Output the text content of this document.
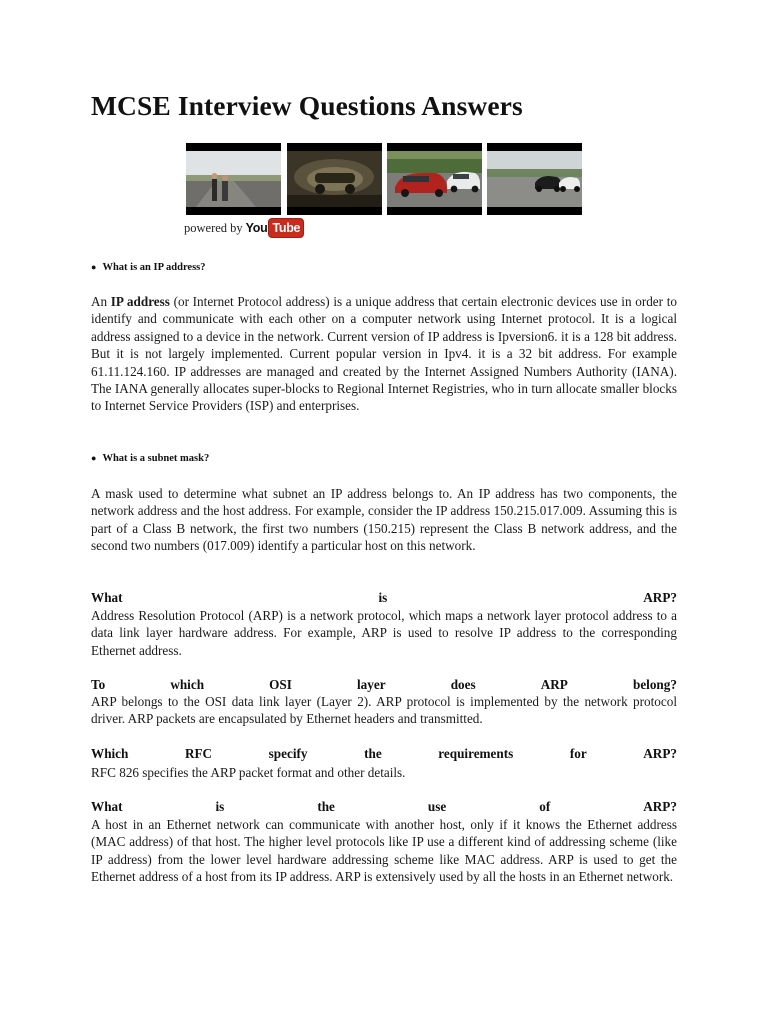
MCSE Interview Questions Answers
powered by You Tube

● What is an IP address?

An IP address (or Internet Protocol address) is a unique address that certain electronic devices use in order to identify and communicate with each other on a computer network using Internet protocol. It is a logical address assigned to a device in the network. Current version of IP address is Ipversion6. it is a 128 bit address. But it is not largely implemented. Current popular version in Ipv4. it is a 32 bit address. For example 61.11.124.160. IP addresses are managed and created by the Internet Assigned Numbers Authority (IANA). The IANA generally allocates super-blocks to Regional Internet Registries, who in turn allocate smaller blocks to Internet Service Providers (ISP) and enterprises.

● What is a subnet mask?

A mask used to determine what subnet an IP address belongs to. An IP address has two components, the network address and the host address. For example, consider the IP address 150.215.017.009. Assuming this is part of a Class B network, the first two numbers (150.215) represent the Class B network address, and the second two numbers (017.009) identify a particular host on this network.

What	is	ARP?

Address Resolution Protocol (ARP) is a network protocol, which maps a network layer protocol address to a data link layer hardware address. For example, ARP is used to resolve IP address to the corresponding Ethernet address.

To	which	OSI	layer	does	ARP	belong?

ARP belongs to the OSI data link layer (Layer 2). ARP protocol is implemented by the network protocol driver. ARP packets are encapsulated by Ethernet headers and transmitted.

Which	RFC	specify	the	requirements	for	ARP?

RFC 826 specifies the ARP packet format and other details.

What	is	the	use	of	ARP?

A host in an Ethernet network can communicate with another host, only if it knows the Ethernet address (MAC address) of that host. The higher level protocols like IP use a different kind of addressing scheme (like IP address) from the lower level hardware addressing scheme like MAC address. ARP is used to get the Ethernet address of a host from its IP address. ARP is extensively used by all the hosts in an Ethernet network.
